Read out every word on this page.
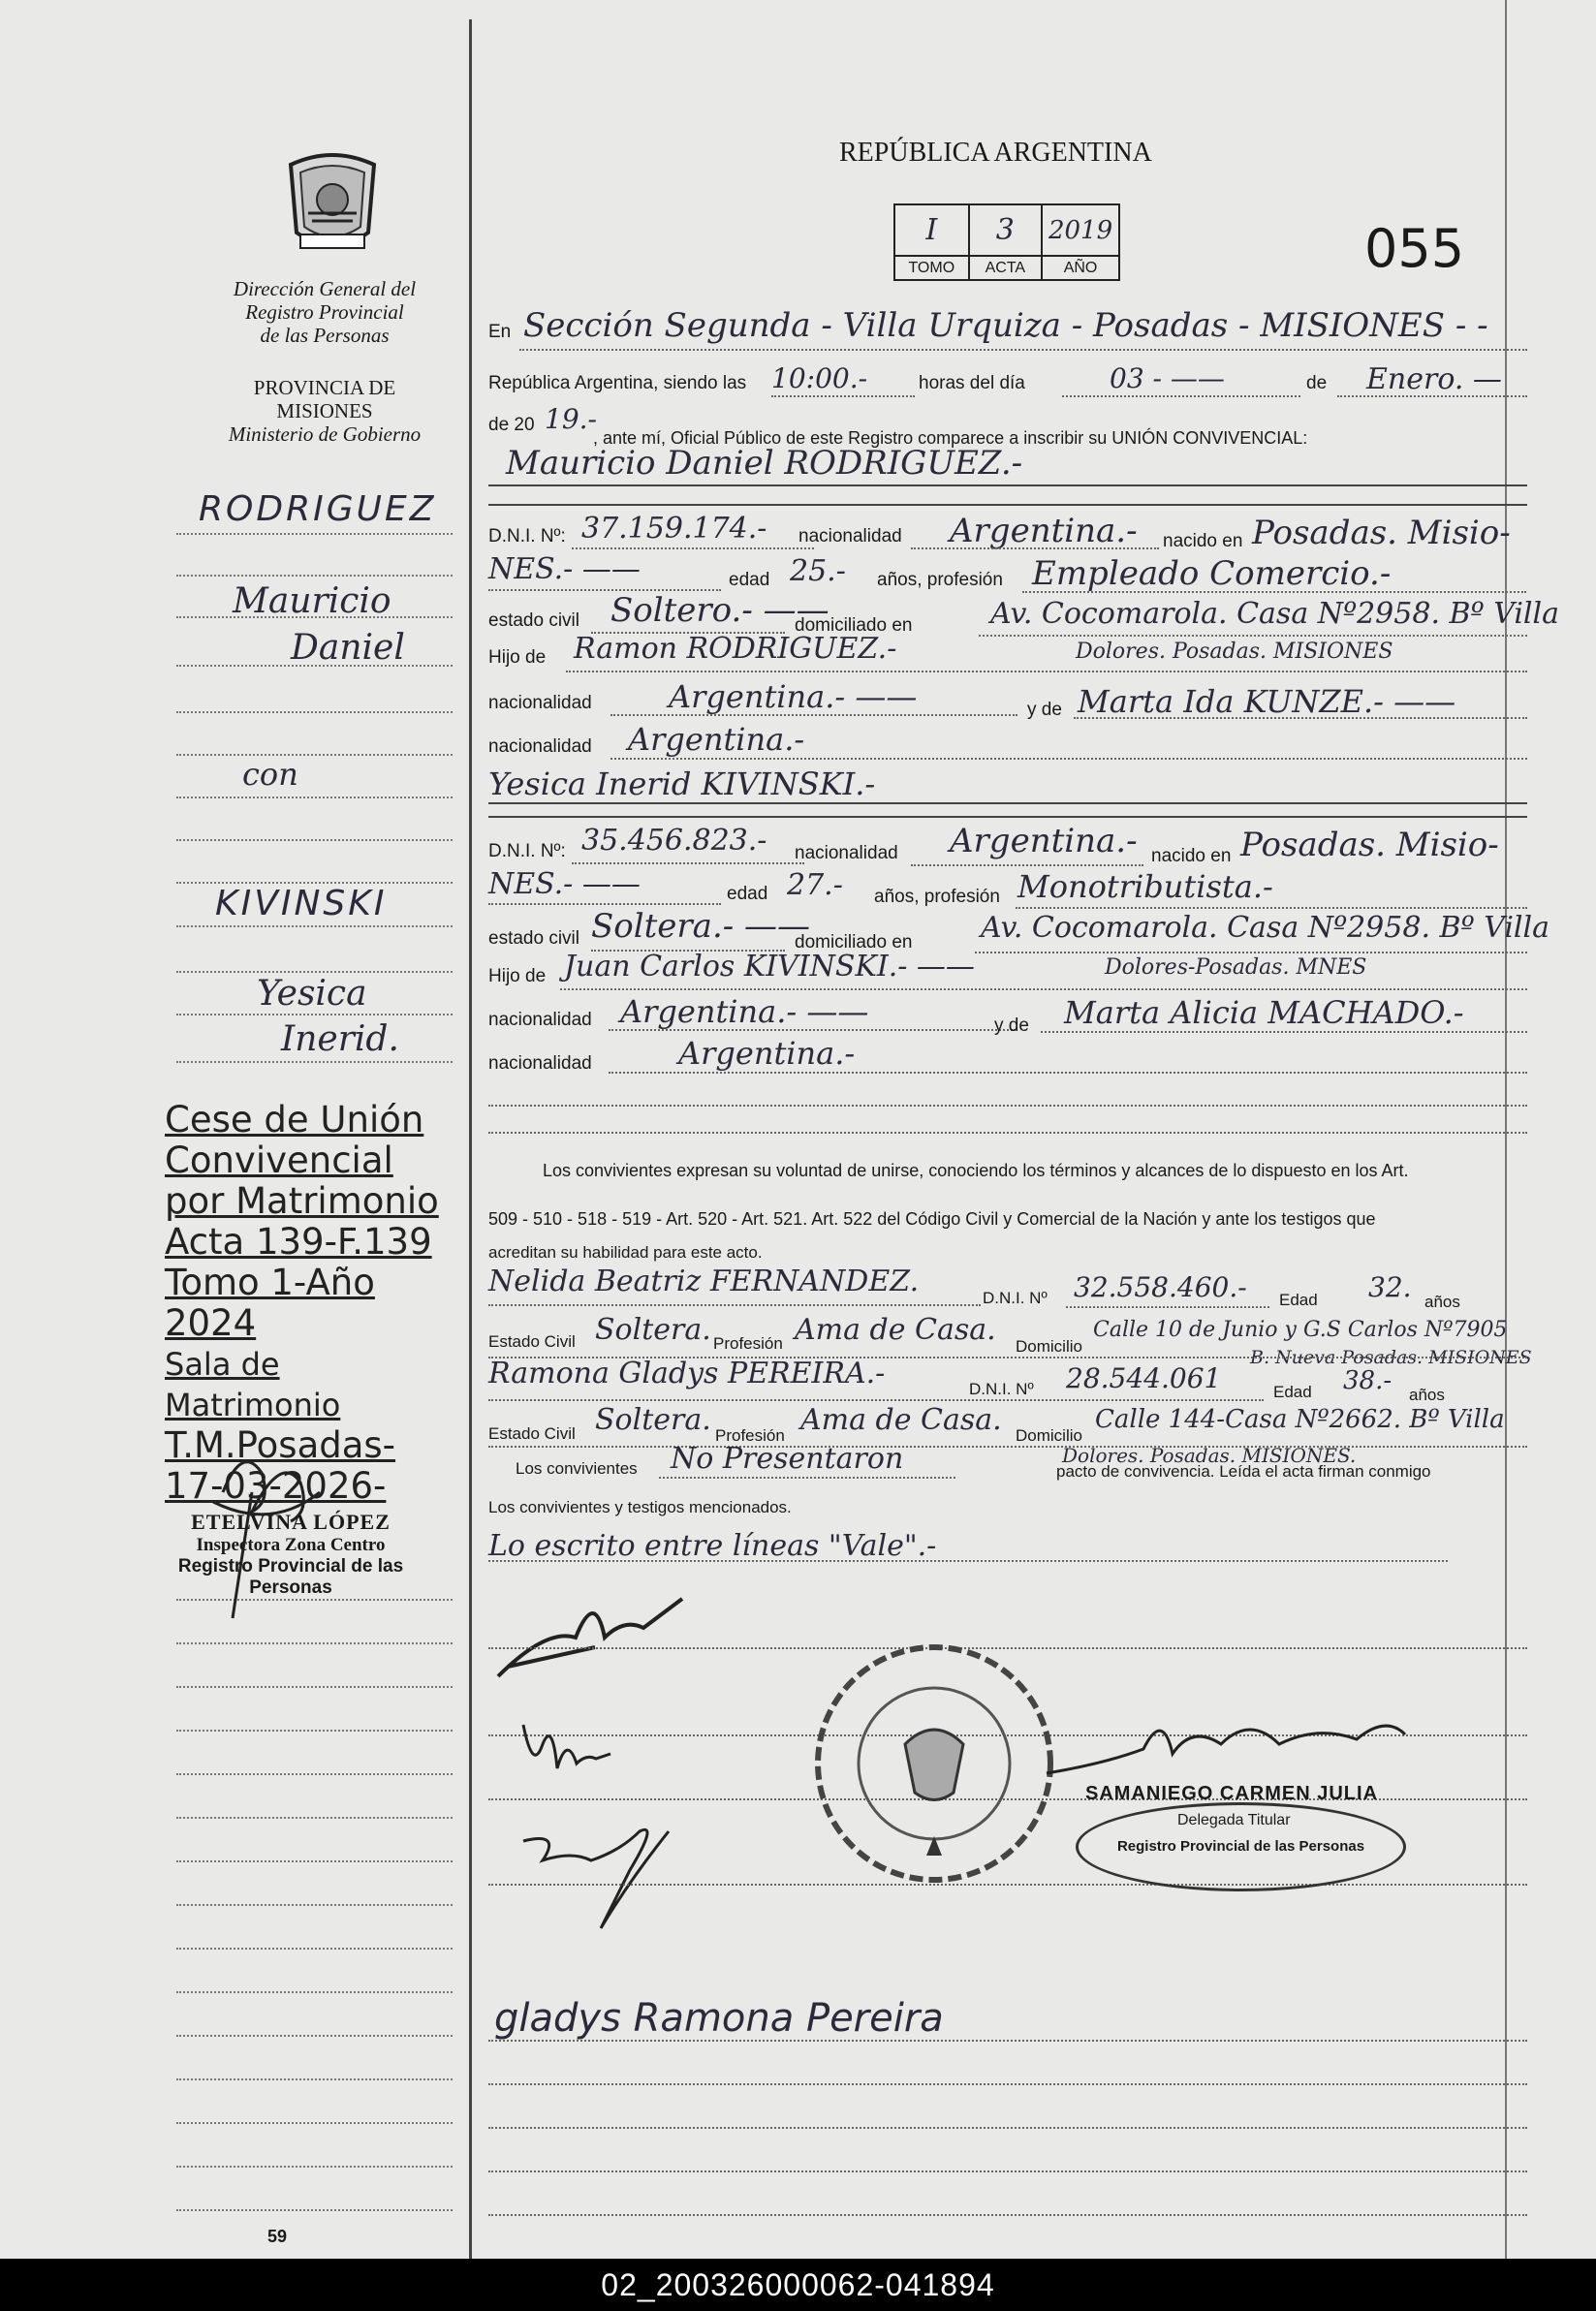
Dirección General del
Registro Provincial
de las Personas
PROVINCIA DE
MISIONES
Ministerio de Gobierno
RODRIGUEZ
Mauricio
Daniel
con
KIVINSKI
Yesica
Inerid.
Cese de Unión
Convivencial
por Matrimonio
Acta 139-F.139
Tomo 1-Año 2024
Sala de Matrimonio
T.M.Posadas-
17-03-2026-
ETELVINA LÓPEZ
Inspectora Zona Centro
Registro Provincial de las Personas
59
REPÚBLICA ARGENTINA
I	3	2019
TOMO	ACTA	AÑO	055
En Sección Segunda - Villa Urquiza - Posadas - MISIONES - -
República Argentina, siendo las 10:00.-	horas del día	03 - ——	de Enero. —
de 20 19.-
, ante mí, Oficial Público de este Registro comparece a inscribir su UNIÓN CONVIVENCIAL:
Mauricio Daniel RODRIGUEZ.-
D.N.I. Nº: 37.159.174.- nacionalidad Argentina.- nacido en Posadas. Misio-
NES.- ——	edad 25.- años, profesión Empleado Comercio.-
estado civil Soltero.- ——
domiciliado en	Av. Cocomarola. Casa Nº2958. Bº Villa
Hijo de Ramon RODRIGUEZ.-	Dolores. Posadas. MISIONES
nacionalidad Argentina.- ——	y de Marta Ida KUNZE.- ——
nacionalidad Argentina.-
Yesica Inerid KIVINSKI.-
D.N.I. Nº: 35.456.823.- nacionalidad Argentina.- nacido en Posadas. Misio-
NES.- ——	edad 27.- años, profesión Monotributista.-
estado civil Soltera.- ——
domiciliado en Av. Cocomarola. Casa Nº2958. Bº Villa
Hijo de Juan Carlos KIVINSKI.- ——	Dolores-Posadas. MNES
nacionalidad Argentina.- ——	y de Marta Alicia MACHADO.-
nacionalidad	Argentina.-
Los convivientes expresan su voluntad de unirse, conociendo los términos y alcances de lo dispuesto en los Art.
509 - 510 - 518 - 519 - Art. 520 - Art. 521. Art. 522 del Código Civil y Comercial de la Nación y ante los testigos que
acreditan su habilidad para este acto.
Nelida Beatriz FERNANDEZ.	D.N.I. Nº 32.558.460.- Edad 32. años
Estado Civil Soltera. Profesión Ama de Casa. Domicilio
Calle 10 de Junio y G.S Carlos Nº7905
B. Nueva Posadas. MISIONES
Ramona Gladys PEREIRA.-	D.N.I. Nº 28.544.061	Edad 38.- años
Estado Civil Soltera. Profesión Ama de Casa. Domicilio
Calle 144-Casa Nº2662. Bº Villa
Los convivientes No Presentaron	Dolores. Posadas. MISIONES.
pacto de convivencia. Leída el acta firman conmigo
Los convivientes y testigos mencionados.
Lo escrito entre líneas "Vale".-
gladys Ramona Pereira
SAMANIEGO CARMEN JULIA
Delegada Titular
Registro Provincial de las Personas
02_200326000062-041894
